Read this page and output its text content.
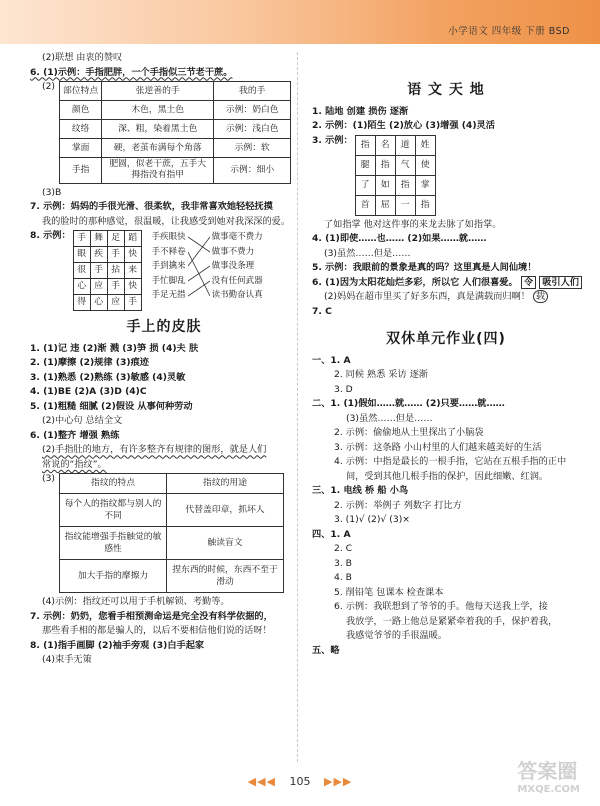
小学语文 四年级 下册 BSD
(2)联想 由衷的赞叹
6. (1)示例：手指肥胖，一个手指似三节老干蔗。
(2) 部位特点	张逆善的手	我的手
颜色	木色，黑土色	示例：奶白色
纹络	深、粗，染着黑土色	示例：浅白色
掌面	硬，老茧布满每个角落	示例：软
手指	肥圆，似老干蔗，五手大拇指没有指甲	示例：细小
(3)B
7. 示例：妈妈的手很光滑、很柔软，我非常喜欢她轻轻抚摸
我的脸时的那种感觉，很温暖，让我感受到她对我深深的爱。
8. 示例： 手	舞	足	蹈
眼	疾	手	快
很	手	拈	来
心	应	手	快
得	心	应	手
手疾眼快
手不释卷
手到擒来
手忙脚乱
手足无措
做事毫不费力
做事不费力
做事没条理
没有任何武器
读书勤奋认真
手上的皮肤
1. (1)记 违 (2)渐 溅 (3)笋 损 (4)夫 肤
2. (1)摩擦 (2)规律 (3)痕迹
3. (1)熟悉 (2)熟练 (3)敏感 (4)灵敏
4. (1)BE (2)A (3)D (4)C
5. (1)粗糙 细腻 (2)假设 从事何种劳动
(2)中心句 总结全文
6. (1)整齐 增强 熟练
(2)手指肚的地方，有许多整齐有规律的图形，就是人们
常说的“指纹”。
(3)	指纹的特点	指纹的用途
每个人的指纹都与别人的不同	代替盖印章，抓坏人
指纹能增强手指触觉的敏感性	触读盲文
加大手指的摩擦力	捏东西的时候，东西不至于滑动
(4)示例：指纹还可以用于手机解锁、考勤等。
7. 示例：奶奶，您看手相预测命运是完全没有科学依据的，
那些看手相的都是骗人的，以后不要相信他们说的话呀！
8. (1)指手画脚 (2)袖手旁观 (3)白手起家
(4)束手无策
语 文 天 地
1. 陆地 创建 损伤 逐渐
2. 示例：(1)陌生 (2)放心 (3)增强 (4)灵活
3. 示例： 指	名	道	姓
腿	指	气	使
了	如	指	掌
首	屈	一	指
了如指掌 他对这件事的来龙去脉了如指掌。
4. (1)即使……也…… (2)如果……就……
(3)虽然……但是……
5. 示例：我眼前的景象是真的吗？这里真是人间仙境！
6. (1)因为太阳花灿烂多彩，所以它 人们很喜爱。 令 吸引人们
(2)妈妈在超市里买了好多东西，真是满载而归啊！ 载
7. C
双休单元作业(四)
一、1. A
2. 同候 熟悉 采访 逐渐
3. D
二、1. (1)假如……就…… (2)只要……就……
(3)虽然……但是……
2. 示例：偷偷地从土里探出了小脑袋
3. 示例：这条路 小山村里的人们越来越美好的生活
4. 示例：中指是最长的一根手指，它站在五根手指的正中
间，受到其他几根手指的保护，因此细嫩、红润。
三、1. 电线 桥 船 小鸟
2. 示例：举例子 列数字 打比方
3. (1)√ (2)√ (3)×
四、1. A
2. C
3. B
4. B
5. 削铅笔 包课本 检查课本
6. 示例：我联想到了爷爷的手。他每天送我上学，接
我放学，一路上他总是紧紧牵着我的手，保护着我，
我感觉爷爷的手很温暖。
五、略
◀◀◀ 105 ▶▶▶	答案圈
MXQE.COM
